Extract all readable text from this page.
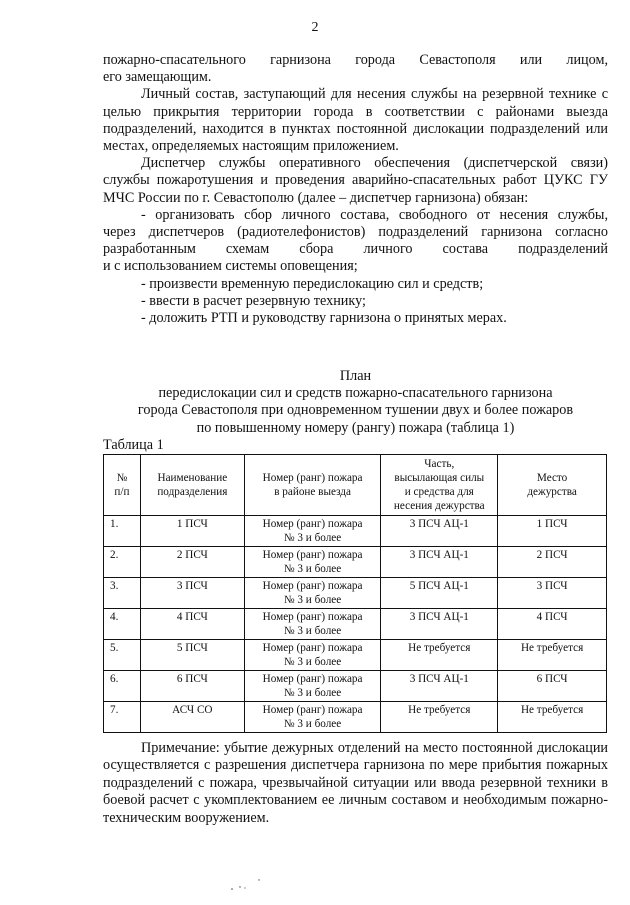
2

пожарно-спасательного гарнизона города Севастополя или лицом,

его замещающим.

Личный состав, заступающий для несения службы на резервной технике с целью прикрытия территории города в соответствии с районами выезда подразделений, находится в пунктах постоянной дислокации подразделений или местах, определяемых настоящим приложением.

Диспетчер службы оперативного обеспечения (диспетчерской связи) службы пожаротушения и проведения аварийно-спасательных работ ЦУКС ГУ МЧС России по г. Севастополю (далее – диспетчер гарнизона) обязан:

- организовать сбор личного состава, свободного от несения службы,

через диспетчеров (радиотелефонистов) подразделений гарнизона согласно

разработанным схемам сбора личного состава подразделений

и с использованием системы оповещения;

- произвести временную передислокацию сил и средств;

- ввести в расчет резервную технику;

- доложить РТП и руководству гарнизона о принятых мерах.

План
передислокации сил и средств пожарно-спасательного гарнизона
города Севастополя при одновременном тушении двух и более пожаров
по повышенному номеру (рангу) пожара (таблица 1)
Таблица 1
№
п/п	Наименование
подразделения	Номер (ранг) пожара
в районе выезда	Часть,
высылающая силы
и средства для
несения дежурства	Место
дежурства
1.	1 ПСЧ	Номер (ранг) пожара
№ 3 и более	3 ПСЧ АЦ-1	1 ПСЧ
2.	2 ПСЧ	Номер (ранг) пожара
№ 3 и более	3 ПСЧ АЦ-1	2 ПСЧ
3.	3 ПСЧ	Номер (ранг) пожара
№ 3 и более	5 ПСЧ АЦ-1	3 ПСЧ
4.	4 ПСЧ	Номер (ранг) пожара
№ 3 и более	3 ПСЧ АЦ-1	4 ПСЧ
5.	5 ПСЧ	Номер (ранг) пожара
№ 3 и более	Не требуется	Не требуется
6.	6 ПСЧ	Номер (ранг) пожара
№ 3 и более	3 ПСЧ АЦ-1	6 ПСЧ
7.	АСЧ СО	Номер (ранг) пожара
№ 3 и более	Не требуется	Не требуется

Примечание: убытие дежурных отделений на место постоянной дислокации осуществляется с разрешения диспетчера гарнизона по мере прибытия пожарных подразделений с пожара, чрезвычайной ситуации или ввода резервной техники в боевой расчет с укомплектованием ее личным составом и необходимым пожарно-техническим вооружением.
